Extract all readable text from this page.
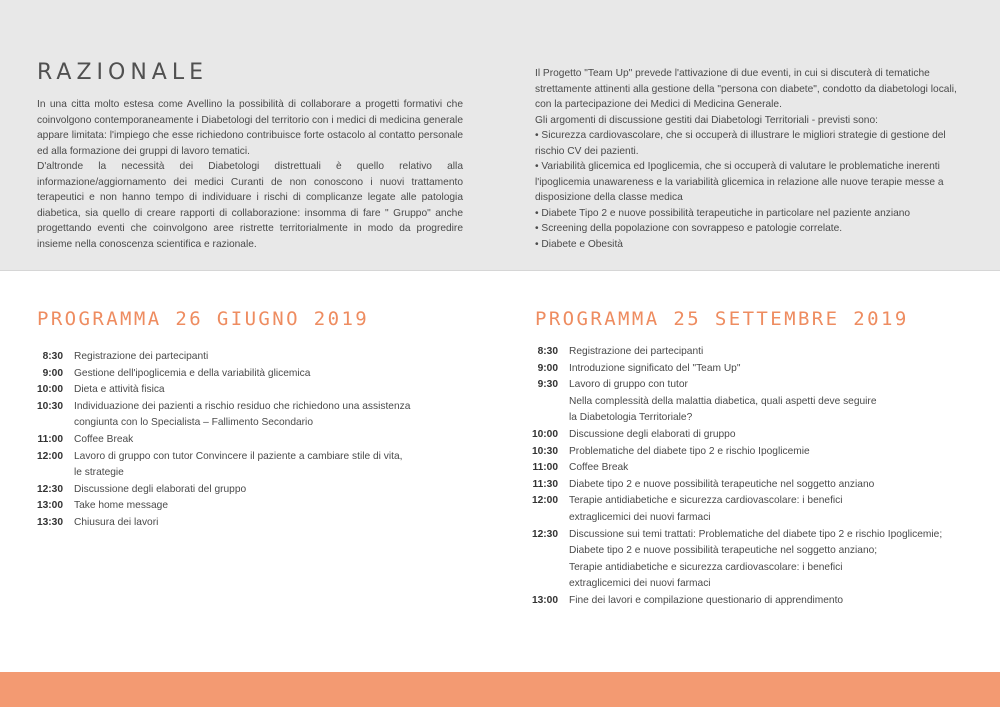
RAZIONALE

In una citta molto estesa come Avellino la possibilità di collaborare a progetti formativi che coinvolgono contemporaneamente i Diabetologi del territorio con i medici di medicina generale appare limitata: l'impiego che esse richiedono contribuisce forte ostacolo al contatto personale ed alla formazione dei gruppi di lavoro tematici.

D'altronde la necessità dei Diabetologi distrettuali è quello relativo alla informazione/aggiornamento dei medici Curanti de non conoscono i nuovi trattamento terapeutici e non hanno tempo di individuare i rischi di complicanze legate alle patologia diabetica, sia quello di creare rapporti di collaborazione: insomma di fare " Gruppo" anche progettando eventi che coinvolgono aree ristrette territorialmente in modo da progredire insieme nella conoscenza scientifica e razionale.

Il Progetto "Team Up" prevede l'attivazione di due eventi, in cui si discuterà di tematiche strettamente attinenti alla gestione della "persona con diabete", condotto da diabetologi locali, con la partecipazione dei Medici di Medicina Generale.

Gli argomenti di discussione gestiti dai Diabetologi Territoriali - previsti sono:

• Sicurezza cardiovascolare, che si occuperà di illustrare le migliori strategie di gestione del rischio CV dei pazienti.

• Variabilità glicemica ed Ipoglicemia, che si occuperà di valutare le problematiche inerenti l'ipoglicemia unawareness e la variabilità glicemica in relazione alle nuove terapie messe a disposizione della classe medica

• Diabete Tipo 2 e nuove possibilità terapeutiche in particolare nel paziente anziano

• Screening della popolazione con sovrappeso e patologie correlate.

• Diabete e Obesità

PROGRAMMA 26 GIUGNO 2019
8:30 Registrazione dei partecipanti
9:00 Gestione dell'ipoglicemia e della variabilità glicemica
10:00 Dieta e attività fisica
10:30 Individuazione dei pazienti a rischio residuo che richiedono una assistenza
congiunta con lo Specialista – Fallimento Secondario
11:00 Coffee Break
12:00 Lavoro di gruppo con tutor Convincere il paziente a cambiare stile di vita,
le strategie
12:30 Discussione degli elaborati del gruppo
13:00 Take home message
13:30 Chiusura dei lavori
PROGRAMMA 25 SETTEMBRE 2019
8:30 Registrazione dei partecipanti
9:00 Introduzione significato del "Team Up"
9:30 Lavoro di gruppo con tutor
Nella complessità della malattia diabetica, quali aspetti deve seguire
la Diabetologia Territoriale?
10:00 Discussione degli elaborati di gruppo
10:30 Problematiche del diabete tipo 2 e rischio Ipoglicemie
11:00 Coffee Break
11:30 Diabete tipo 2 e nuove possibilità terapeutiche nel soggetto anziano
12:00 Terapie antidiabetiche e sicurezza cardiovascolare: i benefici
extraglicemici dei nuovi farmaci
12:30 Discussione sui temi trattati: Problematiche del diabete tipo 2 e rischio Ipoglicemie;
Diabete tipo 2 e nuove possibilità terapeutiche nel soggetto anziano;
Terapie antidiabetiche e sicurezza cardiovascolare: i benefici
extraglicemici dei nuovi farmaci
13:00 Fine dei lavori e compilazione questionario di apprendimento
